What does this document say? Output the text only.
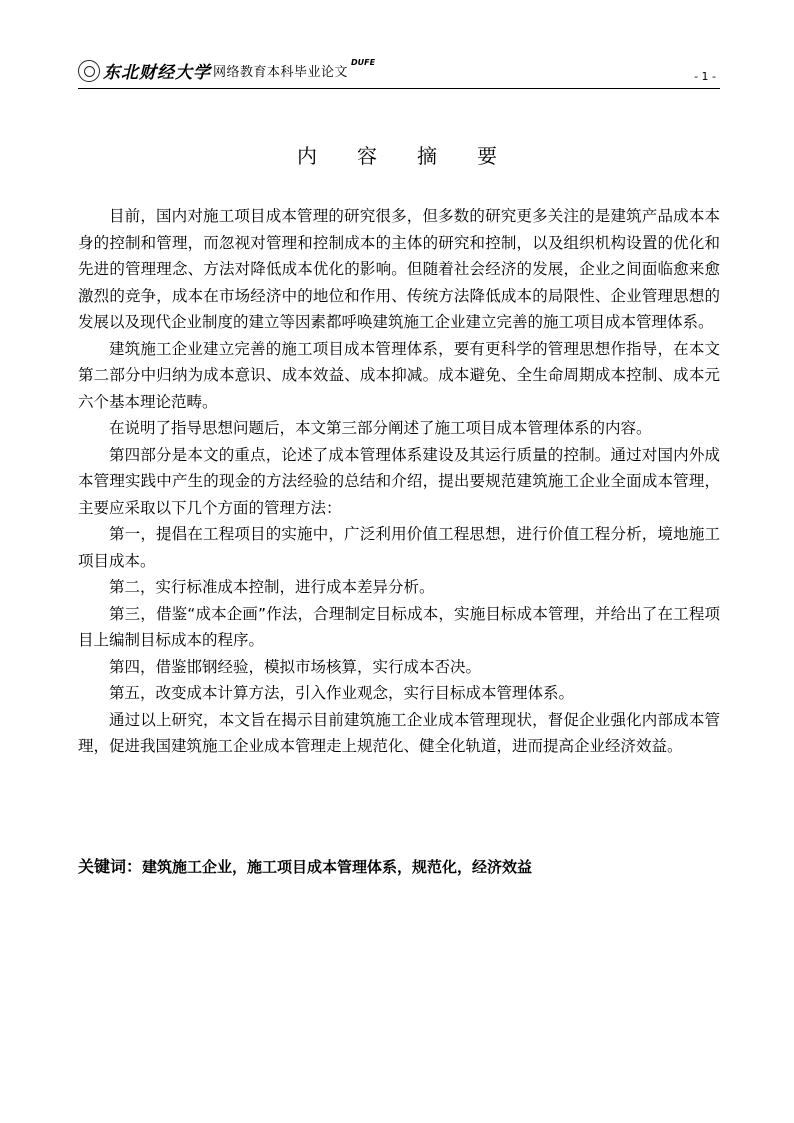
东北财经大学 网络教育本科毕业论文
DUFE
- 1 -
内 容 摘 要

目前，国内对施工项目成本管理的研究很多，但多数的研究更多关注的是建筑产品成本本身的控制和管理，而忽视对管理和控制成本的主体的研究和控制，以及组织机构设置的优化和先进的管理理念、方法对降低成本优化的影响。但随着社会经济的发展，企业之间面临愈来愈激烈的竞争，成本在市场经济中的地位和作用、传统方法降低成本的局限性、企业管理思想的发展以及现代企业制度的建立等因素都呼唤建筑施工企业建立完善的施工项目成本管理体系。

建筑施工企业建立完善的施工项目成本管理体系，要有更科学的管理思想作指导，在本文第二部分中归纳为成本意识、成本效益、成本抑减。成本避免、全生命周期成本控制、成本元六个基本理论范畴。

在说明了指导思想问题后，本文第三部分阐述了施工项目成本管理体系的内容。

第四部分是本文的重点，论述了成本管理体系建设及其运行质量的控制。通过对国内外成本管理实践中产生的现金的方法经验的总结和介绍，提出要规范建筑施工企业全面成本管理，主要应采取以下几个方面的管理方法：

第一，提倡在工程项目的实施中，广泛利用价值工程思想，进行价值工程分析，境地施工项目成本。

第二，实行标准成本控制，进行成本差异分析。

第三，借鉴“成本企画”作法，合理制定目标成本，实施目标成本管理，并给出了在工程项目上编制目标成本的程序。

第四，借鉴邯钢经验，模拟市场核算，实行成本否决。

第五，改变成本计算方法，引入作业观念，实行目标成本管理体系。

通过以上研究，本文旨在揭示目前建筑施工企业成本管理现状，督促企业强化内部成本管理，促进我国建筑施工企业成本管理走上规范化、健全化轨道，进而提高企业经济效益。

关键词：建筑施工企业，施工项目成本管理体系，规范化，经济效益
